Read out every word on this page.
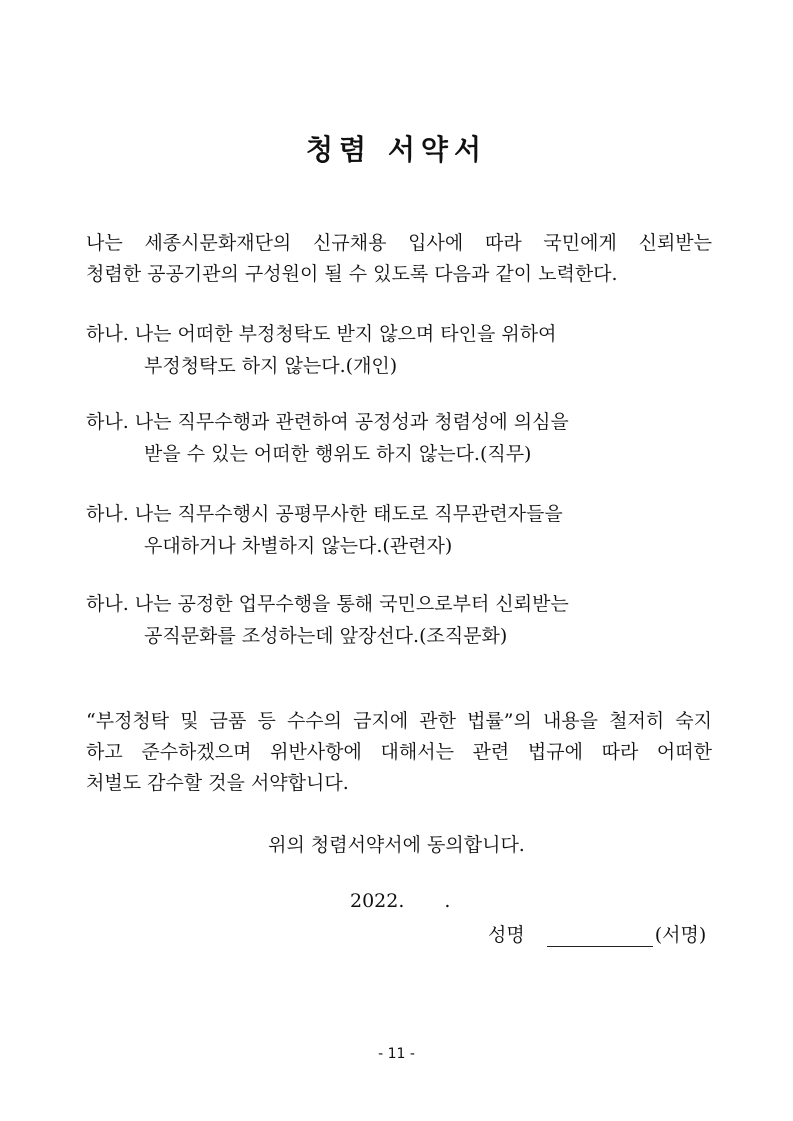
청렴 서약서
나는 세종시문화재단의 신규채용 입사에 따라 국민에게 신뢰받는
청렴한 공공기관의 구성원이 될 수 있도록 다음과 같이 노력한다.
하나. 나는 어떠한 부정청탁도 받지 않으며 타인을 위하여
부정청탁도 하지 않는다.(개인)
하나. 나는 직무수행과 관련하여 공정성과 청렴성에 의심을
받을 수 있는 어떠한 행위도 하지 않는다.(직무)
하나. 나는 직무수행시 공평무사한 태도로 직무관련자들을
우대하거나 차별하지 않는다.(관련자)
하나. 나는 공정한 업무수행을 통해 국민으로부터 신뢰받는
공직문화를 조성하는데 앞장선다.(조직문화)
“부정청탁 및 금품 등 수수의 금지에 관한 법률”의 내용을 철저히 숙지
하고 준수하겠으며 위반사항에 대해서는 관련 법규에 따라 어떠한
처벌도 감수할 것을 서약합니다.
위의 청렴서약서에 동의합니다.
2022. .
성명	(서명)
- 11 -
